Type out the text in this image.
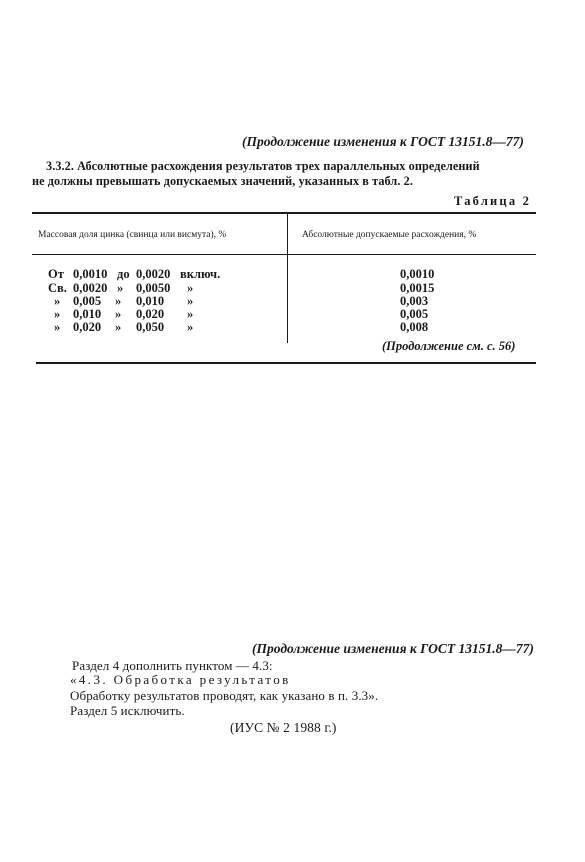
(Продолжение изменения к ГОСТ 13151.8—77)
3.3.2. Абсолютные расхождения результатов трех параллельных определений
не должны превышать допускаемых значений, указанных в табл. 2.
Таблица 2
Массовая доля цинка (свинца или висмута), %	Абсолютные допускаемые расхождения, %
От 0,0010 до 0,0020 включ.	0,0010
Св. 0,0020 » 0,0050 »	0,0015
» 0,005 » 0,010 »	0,003
» 0,010 » 0,020 »	0,005
» 0,020 » 0,050 »	0,008
(Продолжение см. с. 56)
(Продолжение изменения к ГОСТ 13151.8—77)
Раздел 4 дополнить пунктом — 4.3:
«4.3. Обработка результатов
Обработку результатов проводят, как указано в п. 3.3».
Раздел 5 исключить.
(ИУС № 2 1988 г.)
